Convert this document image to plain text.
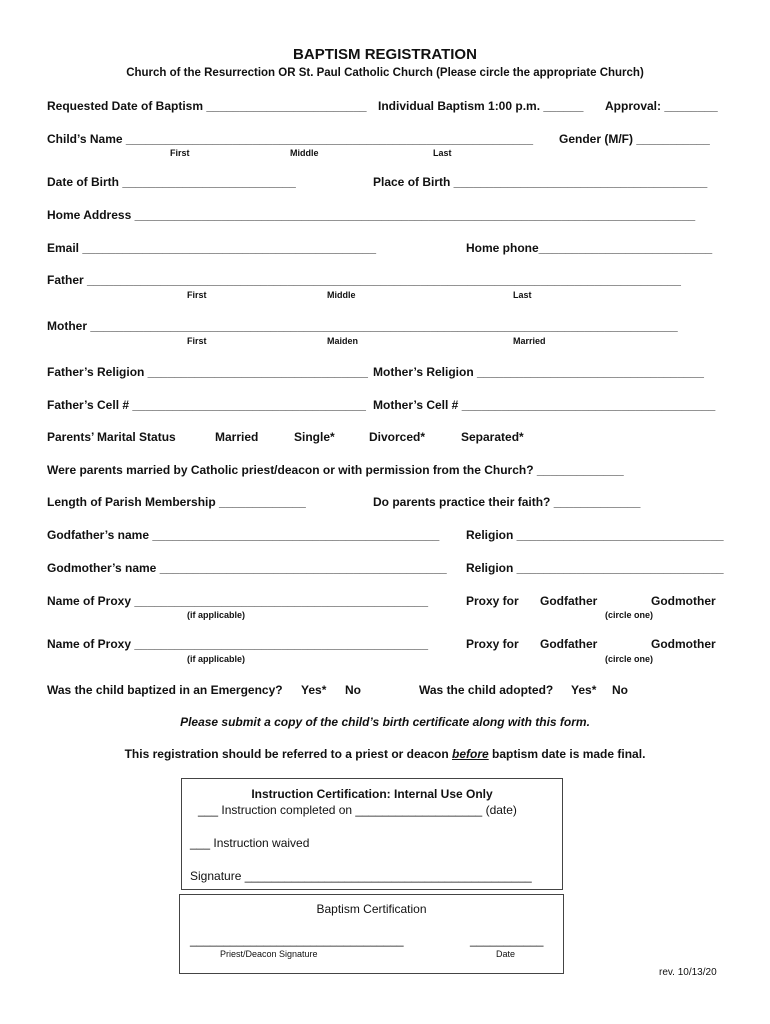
BAPTISM REGISTRATION
Church of the Resurrection OR St. Paul Catholic Church (Please circle the appropriate Church)
Requested Date of Baptism ________________________ Individual Baptism 1:00 p.m. ______ Approval: ________
Child’s Name _____________________________________________________________ Gender (M/F) ___________
First	Middle	Last
Date of Birth __________________________	Place of Birth ______________________________________
Home Address ____________________________________________________________________________________
Email ____________________________________________	Home phone__________________________
Father _________________________________________________________________________________________
First	Middle	Last
Mother ________________________________________________________________________________________
First	Maiden	Married
Father’s Religion _________________________________ Mother’s Religion __________________________________
Father’s Cell # ___________________________________ Mother’s Cell # ______________________________________
Parents’ Marital Status	Married	Single*	Divorced*	Separated*
Were parents married by Catholic priest/deacon or with permission from the Church? _____________
Length of Parish Membership _____________	Do parents practice their faith? _____________
Godfather’s name ___________________________________________ Religion _______________________________
Godmother’s name ___________________________________________ Religion _______________________________
Name of Proxy ____________________________________________
(if applicable)
Proxy for Godfather	Godmother
(circle one)
Name of Proxy ____________________________________________
(if applicable)
Proxy for Godfather	Godmother
(circle one)
Was the child baptized in an Emergency? Yes* No	Was the child adopted? Yes* No
Please submit a copy of the child’s birth certificate along with this form.
This registration should be referred to a priest or deacon before baptism date is made final.
Instruction Certification: Internal Use Only
___ Instruction completed on ___________________ (date)
___ Instruction waived
Signature ___________________________________________
Baptism Certification
________________________________	___________
Priest/Deacon Signature	Date
rev. 10/13/20
